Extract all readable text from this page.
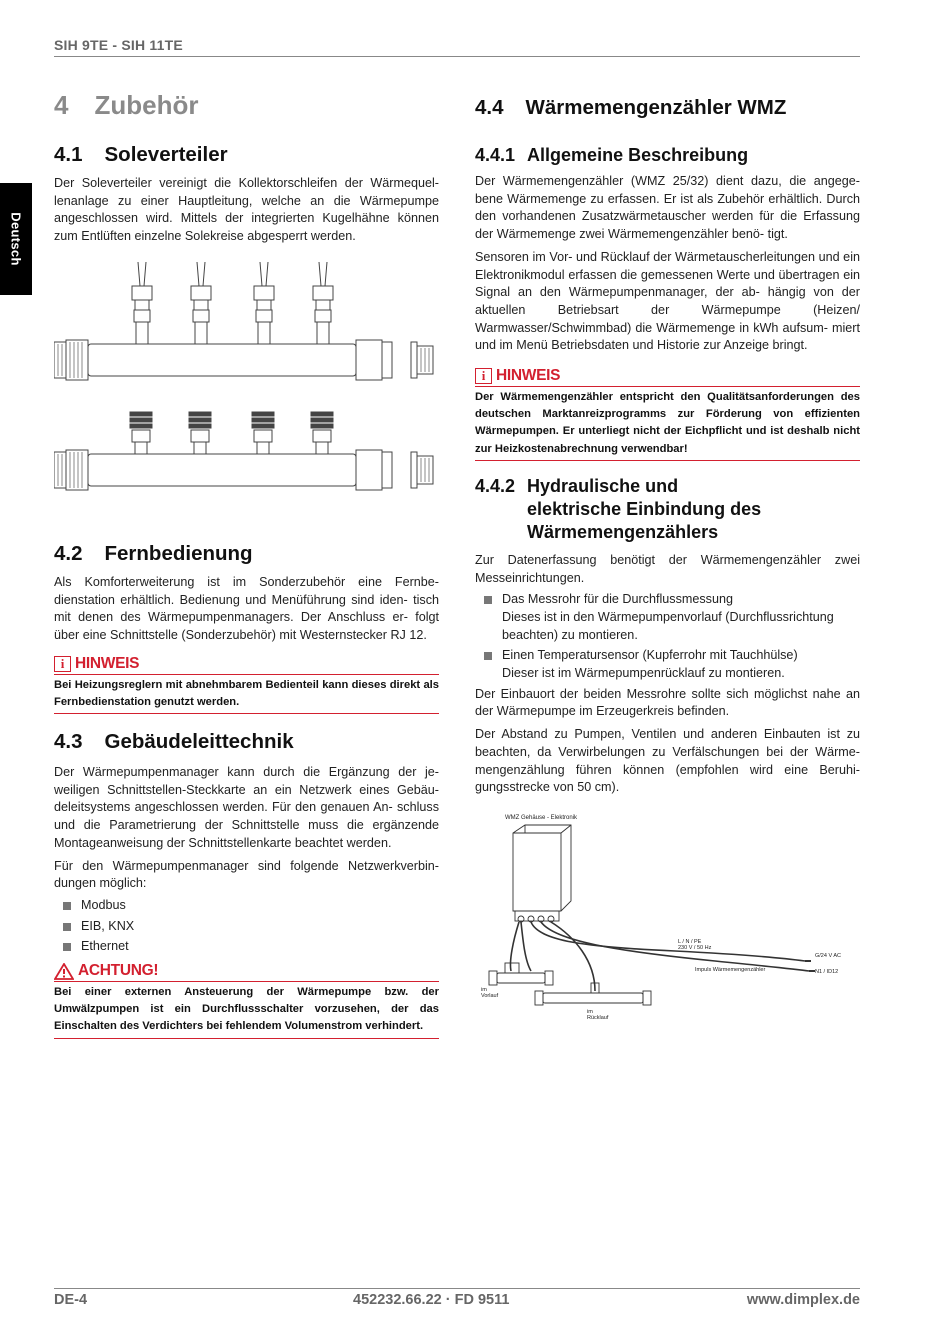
SIH 9TE - SIH 11TE
Deutsch
4 Zubehör
4.1 Soleverteiler

Der Soleverteiler vereinigt die Kollektorschleifen der Wärmequel- lenanlage zu einer Hauptleitung, welche an die Wärmepumpe angeschlossen wird. Mittels der integrierten Kugelhähne können zum Entlüften einzelne Solekreise abgesperrt werden.

4.2 Fernbedienung

Als Komforterweiterung ist im Sonderzubehör eine Fernbe- dienstation erhältlich. Bedienung und Menüführung sind iden- tisch mit denen des Wärmepumpenmanagers. Der Anschluss er- folgt über eine Schnittstelle (Sonderzubehör) mit Westernstecker RJ 12.

i HINWEIS
Bei Heizungsreglern mit abnehmbarem Bedienteil kann dieses direkt als Fernbedienstation genutzt werden.
4.3 Gebäudeleittechnik

Der Wärmepumpenmanager kann durch die Ergänzung der je- weiligen Schnittstellen-Steckkarte an ein Netzwerk eines Gebäu- deleitsystems angeschlossen werden. Für den genauen An- schluss und die Parametrierung der Schnittstelle muss die ergänzende Montageanweisung der Schnittstellenkarte beachtet werden.

Für den Wärmepumpenmanager sind folgende Netzwerkverbin- dungen möglich:

Modbus
EIB, KNX
Ethernet
ACHTUNG!
Bei einer externen Ansteuerung der Wärmepumpe bzw. der Umwälzpumpen ist ein Durchflussschalter vorzusehen, der das Einschalten des Verdichters bei fehlendem Volumenstrom verhindert.
4.4 Wärmemengenzähler WMZ
4.4.1 Allgemeine Beschreibung

Der Wärmemengenzähler (WMZ 25/32) dient dazu, die angege- bene Wärmemenge zu erfassen. Er ist als Zubehör erhältlich. Durch den vorhandenen Zusatzwärmetauscher werden für die Erfassung der Wärmemenge zwei Wärmemengenzähler benö- tigt.

Sensoren im Vor- und Rücklauf der Wärmetauscherleitungen und ein Elektronikmodul erfassen die gemessenen Werte und übertragen ein Signal an den Wärmepumpenmanager, der ab- hängig von der aktuellen Betriebsart der Wärmepumpe (Heizen/ Warmwasser/Schwimmbad) die Wärmemenge in kWh aufsum- miert und im Menü Betriebsdaten und Historie zur Anzeige bringt.

i HINWEIS
Der Wärmemengenzähler entspricht den Qualitätsanforderungen des deutschen Marktanreizprogramms zur Förderung von effizienten Wärmepumpen. Er unterliegt nicht der Eichpflicht und ist deshalb nicht zur Heizkostenabrechnung verwendbar!
4.4.2 Hydraulische und elektrische Einbindung des Wärmemengenzählers

Zur Datenerfassung benötigt der Wärmemengenzähler zwei Messeinrichtungen.

Das Messrohr für die Durchflussmessung
Dieses ist in den Wärmepumpenvorlauf (Durchflussrichtung beachten) zu montieren.
Einen Temperatursensor (Kupferrohr mit Tauchhülse)
Dieser ist im Wärmepumpenrücklauf zu montieren.

Der Einbauort der beiden Messrohre sollte sich möglichst nahe an der Wärmepumpe im Erzeugerkreis befinden.

Der Abstand zu Pumpen, Ventilen und anderen Einbauten ist zu beachten, da Verwirbelungen zu Verfälschungen bei der Wärme- mengenzählung führen können (empfohlen wird eine Beruhi- gungsstrecke von 50 cm).

WMZ Gehäuse - Elektronik
L / N / PE
230 V / 50 Hz
G/24 V AC
Impuls Wärmemengenzähler	N1 / ID12
im
Vorlauf
im
Rücklauf
DE-4	452232.66.22 · FD 9511	www.dimplex.de
